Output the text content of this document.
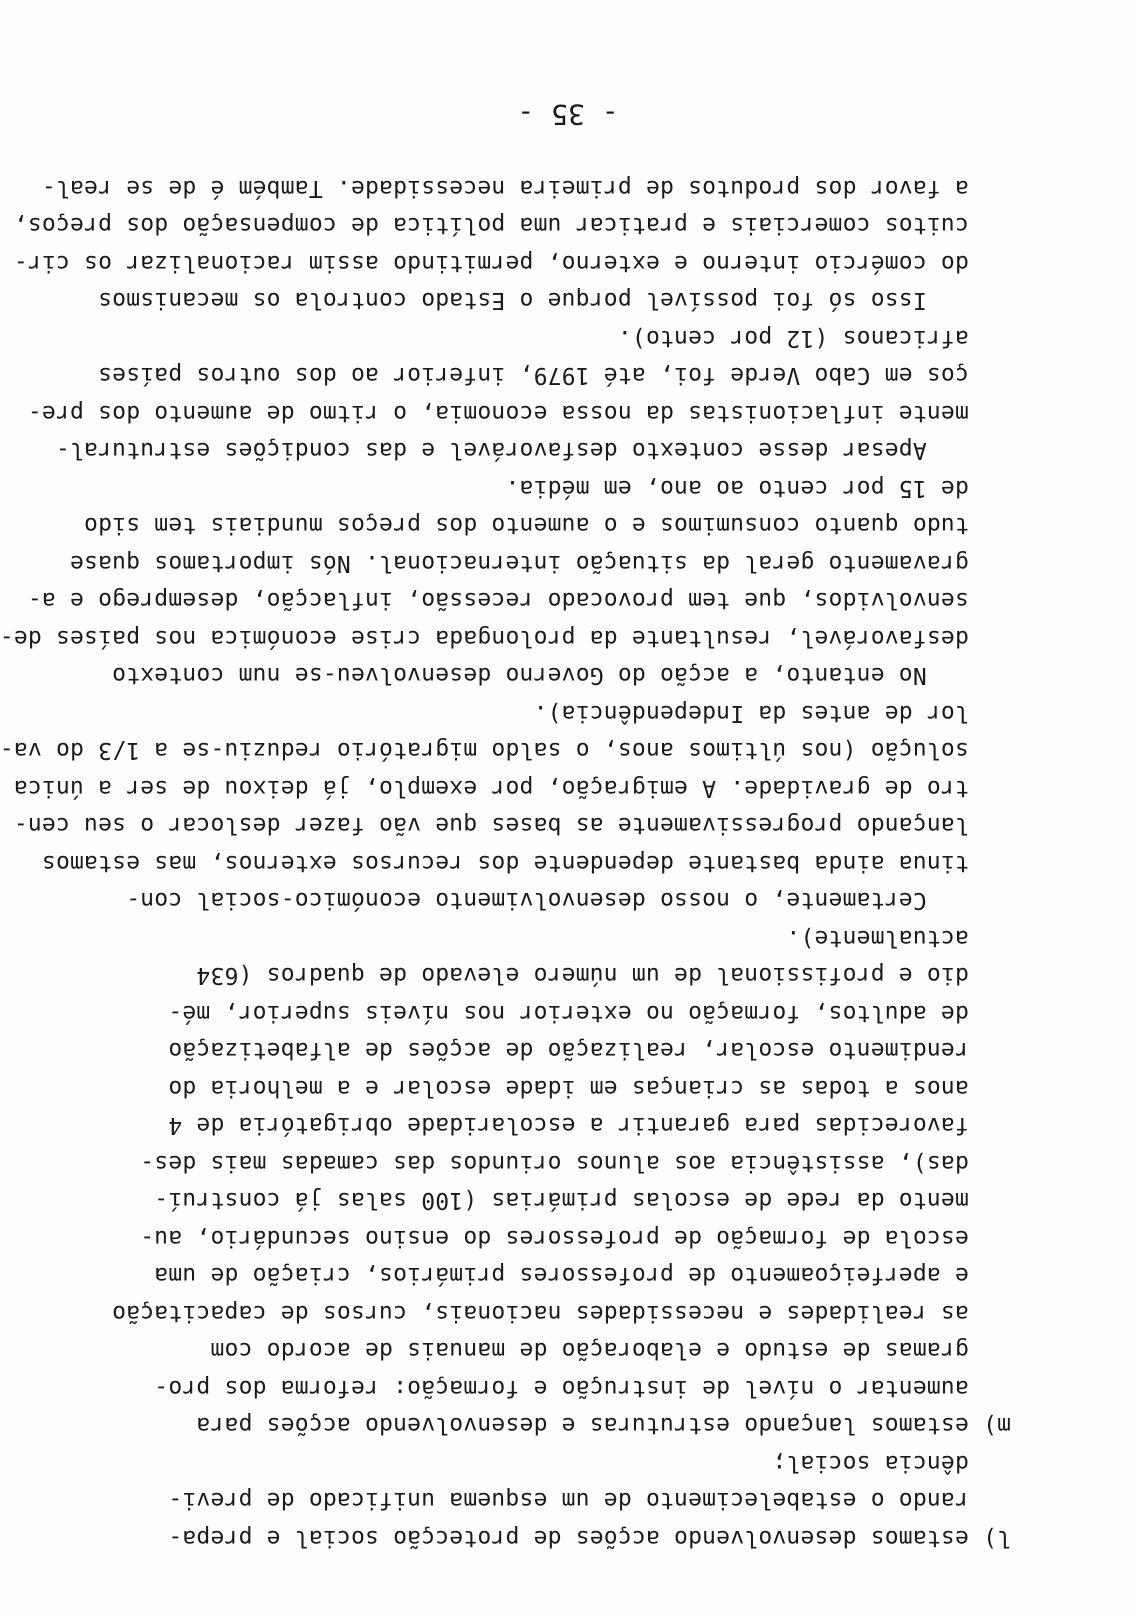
l) estamos desenvolvendo acções de protecção social e prepa-
rando o estabelecimento de um esquema unificado de previ-
dência social;
m) estamos lançando estruturas e desenvolvendo acções para
aumentar o nível de instrução e formação: reforma dos pro-
gramas de estudo e elaboração de manuais de acordo com
as realidades e necessidades nacionais, cursos de capacitação
e aperfeiçoamento de professores primários, criação de uma
escola de formação de professores do ensino secundário, au-
mento da rede de escolas primárias (100 salas já construí-
das), assistência aos alunos oriundos das camadas mais des-
favorecidas para garantir a escolaridade obrigatória de 4
anos a todas as crianças em idade escolar e a melhoria do
rendimento escolar, realização de acções de alfabetização
de adultos, formação no exterior nos níveis superior, mé-
dio e profissional de um número elevado de quadros (634
actualmente).
Certamente, o nosso desenvolvimento económico-social con-
tinua ainda bastante dependente dos recursos externos, mas estamos
lançando progressivamente as bases que vão fazer deslocar o seu cen-
tro de gravidade. A emigração, por exemplo, já deixou de ser a única
solução (nos últimos anos, o saldo migratório reduziu-se a 1/3 do va-
lor de antes da Independência).
No entanto, a acção do Governo desenvolveu-se num contexto
desfavorável, resultante da prolongada crise económica nos países de-
senvolvidos, que tem provocado recessão, inflacção, desemprego e a-
gravamento geral da situação internacional. Nós importamos quase
tudo quanto consumimos e o aumento dos preços mundiais tem sido
de 15 por cento ao ano, em média.
Apesar desse contexto desfavorável e das condições estrutural-
mente inflacionistas da nossa economia, o ritmo de aumento dos pre-
ços em Cabo Verde foi, até 1979, inferior ao dos outros países
africanos (12 por cento).
Isso só foi possível porque o Estado controla os mecanismos
do comércio interno e externo, permitindo assim racionalizar os cir-
cuitos comerciais e praticar uma política de compensação dos preços,
a favor dos produtos de primeira necessidade. Também é de se real-
- 35 -
